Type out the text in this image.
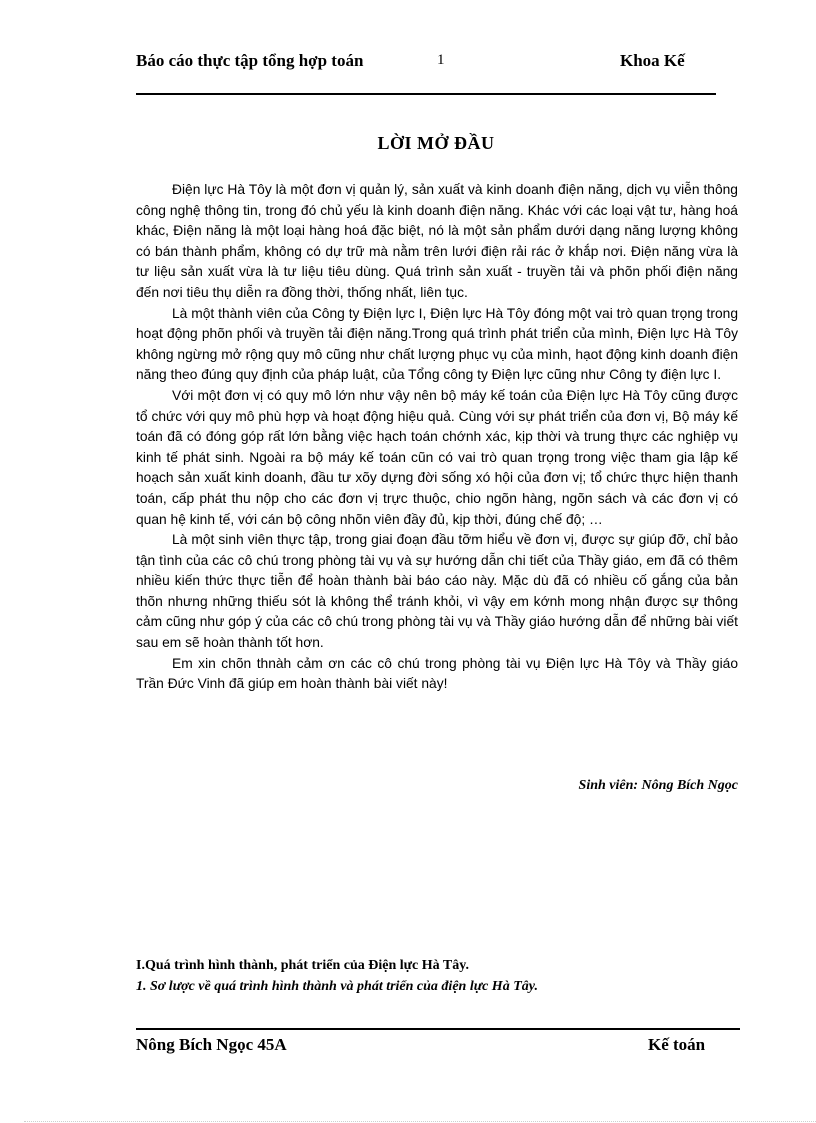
Báo cáo thực tập tổng hợp toán	1	Khoa Kế
LỜI MỞ ĐẦU

Điện lực Hà Tôy là một đơn vị quản lý, sản xuất và kinh doanh điện năng, dịch vụ viễn thông công nghệ thông tin, trong đó chủ yếu là kinh doanh điện năng. Khác với các loại vật tư, hàng hoá khác, Điện năng là một loại hàng hoá đặc biệt, nó là một sản phẩm dưới dạng năng lượng không có bán thành phẩm, không có dự trữ mà nằm trên lưới điện rải rác ở khắp nơi. Điện năng vừa là tư liệu sản xuất vừa là tư liệu tiêu dùng. Quá trình sản xuất - truyền tải và phõn phối điện năng đến nơi tiêu thụ diễn ra đồng thời, thống nhất, liên tục.

Là một thành viên của Công ty Điện lực I, Điện lực Hà Tôy đóng một vai trò quan trọng trong hoạt động phõn phối và truyền tải điện năng.Trong quá trình phát triển của mình, Điện lực Hà Tôy không ngừng mở rộng quy mô cũng như chất lượng phục vụ của mình, hạot động kinh doanh điện năng theo đúng quy định của pháp luật, của Tổng công ty Điện lực cũng như Công ty điện lực I.

Với một đơn vị có quy mô lớn như vậy nên bộ máy kế toán của Điện lực Hà Tôy cũng được tổ chức với quy mô phù hợp và hoạt động hiệu quả. Cùng với sự phát triển của đơn vị, Bộ máy kế toán đã có đóng góp rất lớn bằng việc hạch toán chớnh xác, kịp thời và trung thực các nghiệp vụ kinh tế phát sinh. Ngoài ra bộ máy kế toán cũn có vai trò quan trọng trong việc tham gia lập kế hoạch sản xuất kinh doanh, đầu tư xõy dựng đời sống xó hội của đơn vị; tổ chức thực hiện thanh toán, cấp phát thu nộp cho các đơn vị trực thuộc, chio ngõn hàng, ngõn sách và các đơn vị có quan hệ kinh tế, với cán bộ công nhõn viên đầy đủ, kịp thời, đúng chế độ; …

Là một sinh viên thực tập, trong giai đoạn đầu tỡm hiểu về đơn vị, được sự giúp đỡ, chỉ bảo tận tình của các cô chú trong phòng tài vụ và sự hướng dẫn chi tiết của Thầy giáo, em đã có thêm nhiều kiến thức thực tiễn để hoàn thành bài báo cáo này. Mặc dù đã có nhiều cố gắng của bản thõn nhưng những thiếu sót là không thể tránh khỏi, vì vậy em kớnh mong nhận được sự thông cảm cũng như góp ý của các cô chú trong phòng tài vụ và Thầy giáo hướng dẫn để những bài viết sau em sẽ hoàn thành tốt hơn.

Em xin chõn thnàh cảm ơn các cô chú trong phòng tài vụ Điện lực Hà Tôy và Thầy giáo Trần Đức Vinh đã giúp em hoàn thành bài viết này!

Sinh viên: Nông Bích Ngọc
I.Quá trình hình thành, phát triển của Điện lực Hà Tây.
1. Sơ lược về quá trình hình thành và phát triển của điện lực Hà Tây.
Nông Bích Ngọc 45A	Kế toán
